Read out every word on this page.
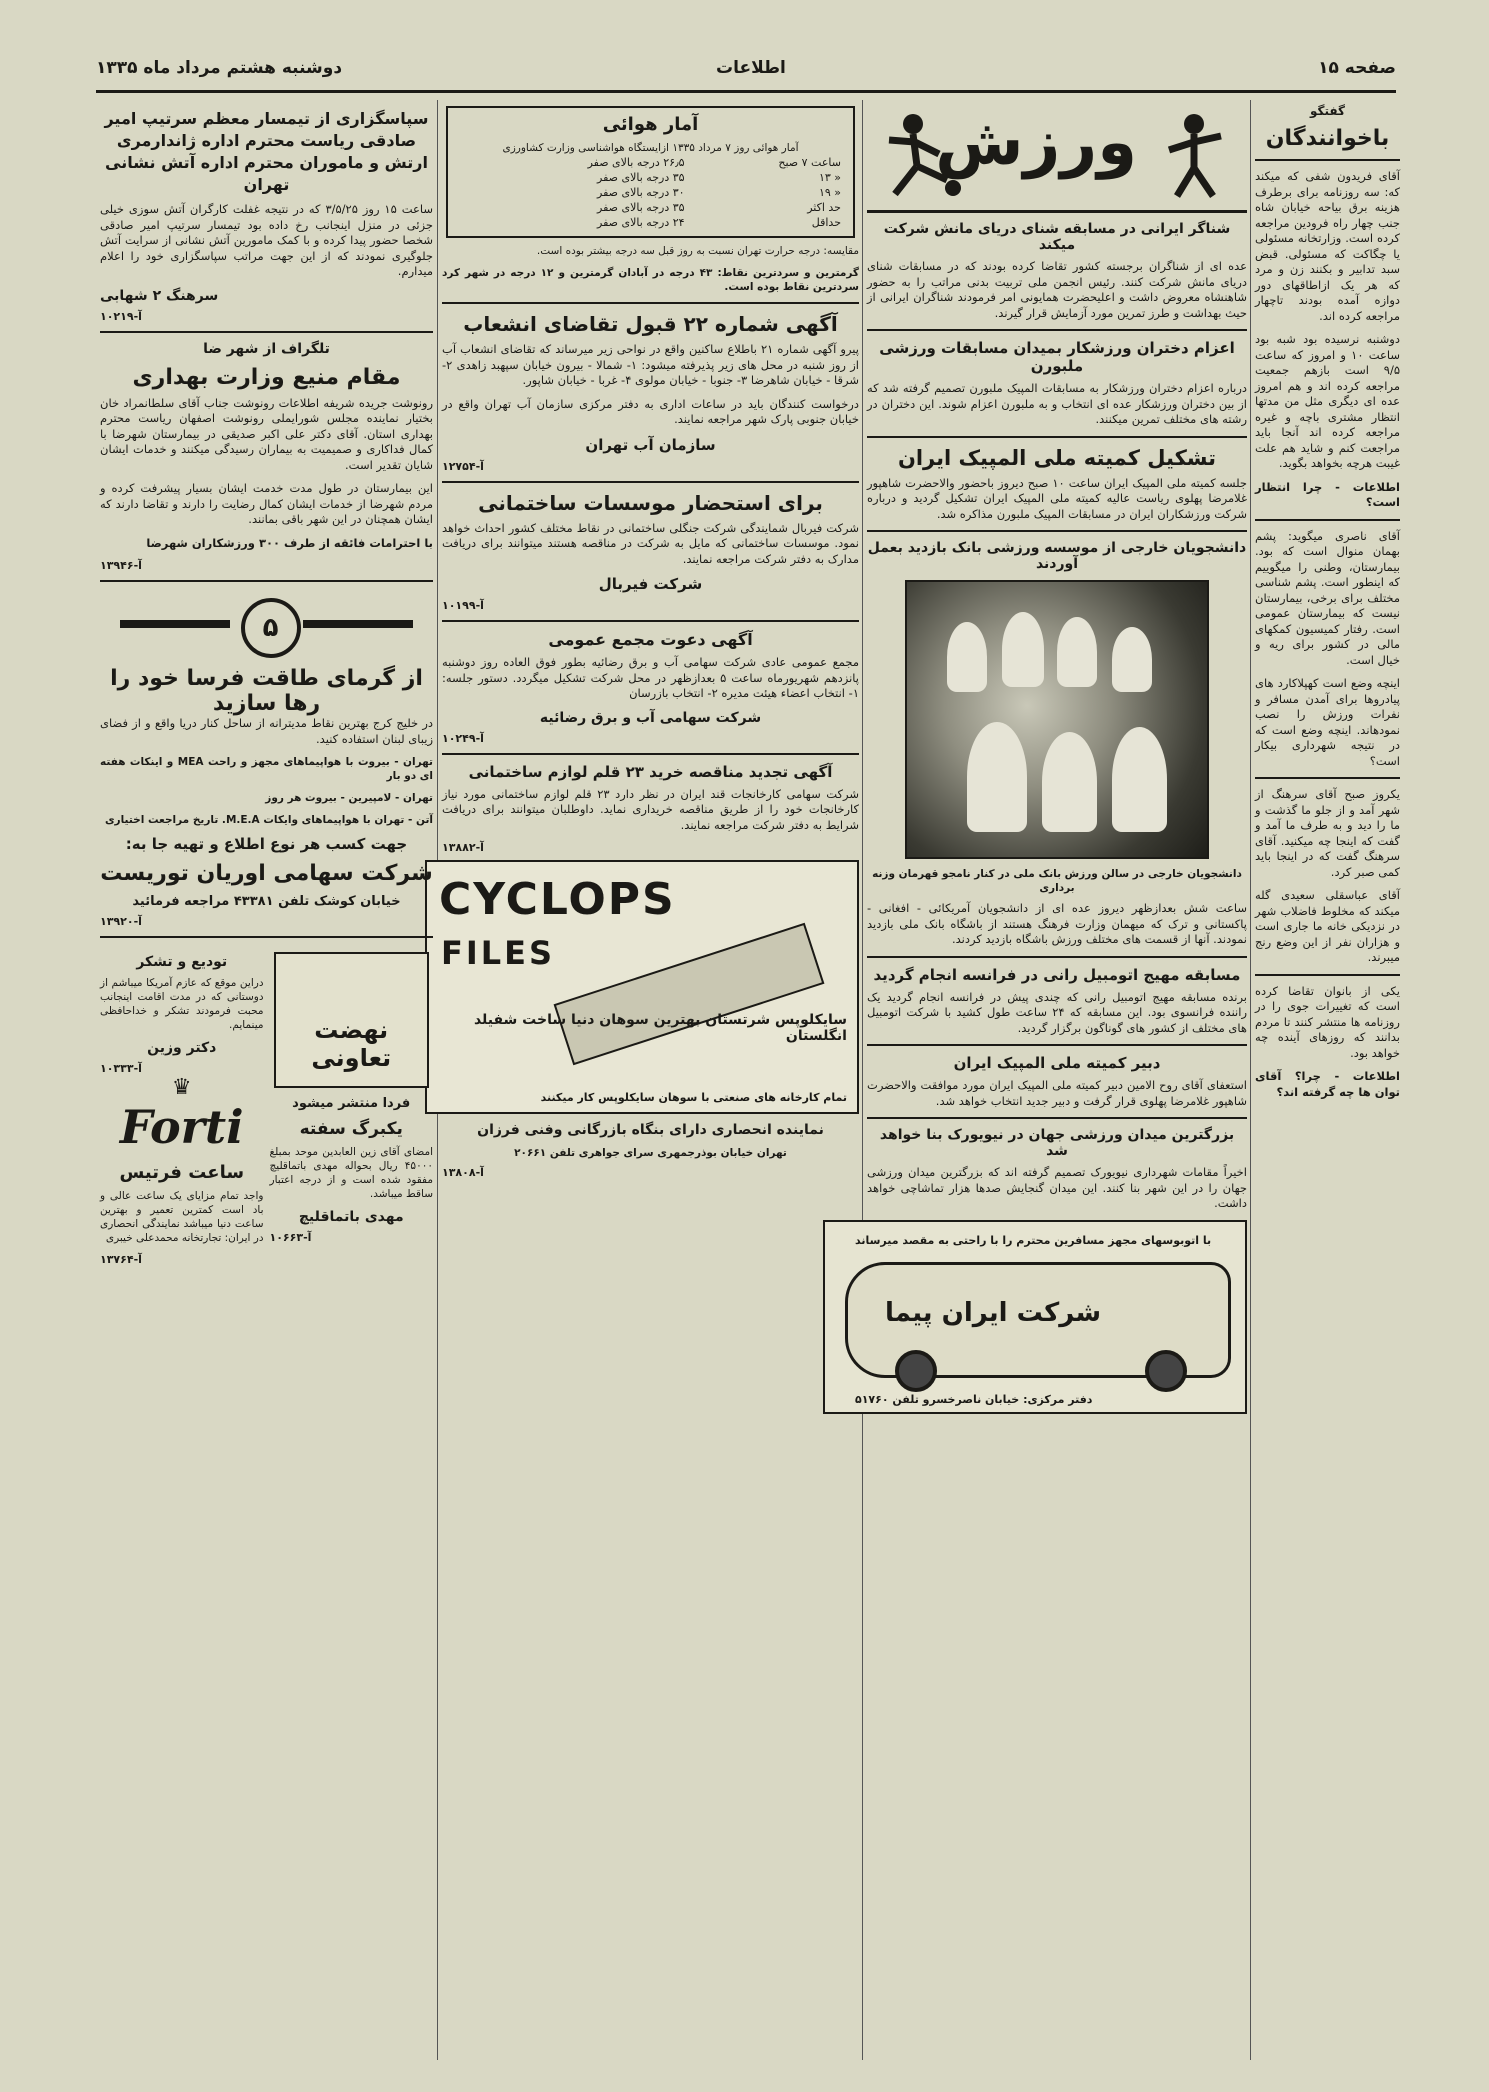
صفحه ۱۵
اطلاعات
دوشنبه هشتم مرداد ماه ۱۳۳۵
گفتگو
باخوانندگان

آقای فریدون شفی که میکند که: سه روزنامه برای برطرف هزینه برق بیاحه خیابان شاه جنب چهار راه فرودین مراجعه کرده است. وزارتخانه مسئولی یا چگاکت که مسئولی. قبض سبد تدابیر و بکنند زن و مرد که هر یک ازاطاقهای دور دوازه آمده بودند تاچهار مراجعه کرده اند.

دوشنبه نرسیده بود شبه بود ساعت ۱۰ و امروز که ساعت ۹/۵ است بازهم جمعیت مراجعه کرده اند و هم امروز عده ای دیگری مثل من مدتها انتظار مشتری باچه و غیره مراجعه کرده اند آنجا باید مراجعت کنم و شاید هم علت غیبت هرچه بخواهد بگوید.

اطلاعات - چرا انتظار است؟

آقای ناصری میگوید: پشم بهمان منوال است که بود. بیمارستان، وطنی را میگوییم که اینطور است. پشم شناسی مختلف برای برخی، بیمارستان نیست که بیمارستان عمومی است. رفتار کمیسیون کمکهای مالی در کشور برای ریه و خیال است.

اینچه وضع است کهپلاکارد های پیادروها برای آمدن مسافر و نفرات ورزش را نصب نمودهاند. اینچه وضع است که در نتیجه شهرداری بیکار است؟

یکروز صبح آقای سرهنگ از شهر آمد و از جلو ما گذشت و ما را دید و به طرف ما آمد و گفت که اینجا چه میکنید. آقای سرهنگ گفت که در اینجا باید کمی صبر کرد.

آقای عباسقلی سعیدی گله میکند که مخلوط فاضلاب شهر در نزدیکی خانه ما جاری است و هزاران نفر از این وضع رنج میبرند.

یکی از بانوان تقاضا کرده است که تغییرات جوی را در روزنامه ها منتشر کنند تا مردم بدانند که روزهای آینده چه خواهد بود.

اطلاعات - چرا؟ آقای توان ها چه گرفته اند؟

ورزش
شناگر ایرانی در مسابقه شنای دریای مانش شرکت میکند

عده ای از شناگران برجسته کشور تقاضا کرده بودند که در مسابقات شنای دریای مانش شرکت کنند. رئیس انجمن ملی تربیت بدنی مراتب را به حضور شاهنشاه معروض داشت و اعلیحضرت همایونی امر فرمودند شناگران ایرانی از حیث بهداشت و طرز تمرین مورد آزمایش قرار گیرند.

اعزام دختران ورزشکار بمیدان مسابقات ورزشی ملبورن

درباره اعزام دختران ورزشکار به مسابقات المپیک ملبورن تصمیم گرفته شد که از بین دختران ورزشکار عده ای انتخاب و به ملبورن اعزام شوند. این دختران در رشته های مختلف تمرین میکنند.

تشکیل کمیته ملی المپیک ایران

جلسه کمیته ملی المپیک ایران ساعت ۱۰ صبح دیروز باحضور والاحضرت شاهپور غلامرضا پهلوی ریاست عالیه کمیته ملی المپیک ایران تشکیل گردید و درباره شرکت ورزشکاران ایران در مسابقات المپیک ملبورن مذاکره شد.

دانشجویان خارجی از موسسه ورزشی بانک بازدید بعمل آوردند
دانشجویان خارجی در سالن ورزش بانک ملی در کنار نامجو قهرمان وزنه برداری

ساعت شش بعدازظهر دیروز عده ای از دانشجویان آمریکائی - افغانی - پاکستانی و ترک که میهمان وزارت فرهنگ هستند از باشگاه بانک ملی بازدید نمودند. آنها از قسمت های مختلف ورزش باشگاه بازدید کردند.

مسابقه مهیج اتومبیل رانی در فرانسه انجام گردید

برنده مسابقه مهیج اتومبیل رانی که چندی پیش در فرانسه انجام گردید یک راننده فرانسوی بود. این مسابقه که ۲۴ ساعت طول کشید با شرکت اتومبیل های مختلف از کشور های گوناگون برگزار گردید.

دبیر کمیته ملی المپیک ایران

استعفای آقای روح الامین دبیر کمیته ملی المپیک ایران مورد موافقت والاحضرت شاهپور غلامرضا پهلوی قرار گرفت و دبیر جدید انتخاب خواهد شد.

بزرگترین میدان ورزشی جهان در نیویورک بنا خواهد شد

اخیراً مقامات شهرداری نیویورک تصمیم گرفته اند که بزرگترین میدان ورزشی جهان را در این شهر بنا کنند. این میدان گنجایش صدها هزار تماشاچی خواهد داشت.

با اتوبوسهای مجهز مسافرین محترم را با راحتی به مقصد میرساند
شرکت ایران پیما
دفتر مرکزی: خیابان ناصرخسرو تلفن ۵۱۷۶۰
آمار هوائی
آمار هوائی روز ۷ مرداد ۱۳۳۵ ازایستگاه هواشناسی وزارت کشاورزی
ساعت ۷ صبح	۲۶٫۵ درجه بالای صفر
« ۱۳	۳۵ درجه بالای صفر
« ۱۹	۳۰ درجه بالای صفر
حد اکثر	۳۵ درجه بالای صفر
حداقل	۲۴ درجه بالای صفر

مقایسه: درجه حرارت تهران نسبت به روز قبل سه درجه بیشتر بوده است.

گرمترین و سردترین نقاط: ۴۳ درجه در آبادان گرمترین و ۱۲ درجه در شهر کرد سردترین نقاط بوده است.

آگهی شماره ۲۲ قبول تقاضای انشعاب

پیرو آگهی شماره ۲۱ باطلاع ساکنین واقع در نواحی زیر میرساند که تقاضای انشعاب آب از روز شنبه در محل های زیر پذیرفته میشود: ۱- شمالا - بیرون خیابان سپهبد زاهدی ۲- شرقا - خیابان شاهرضا ۳- جنوبا - خیابان مولوی ۴- غربا - خیابان شاپور.

درخواست کنندگان باید در ساعات اداری به دفتر مرکزی سازمان آب تهران واقع در خیابان جنوبی پارک شهر مراجعه نمایند.

سازمان آب تهران
آ-۱۲۷۵۴
برای استحضار موسسات ساختمانی

شرکت فیربال شمایندگی شرکت جنگلی ساختمانی در نقاط مختلف کشور احداث خواهد نمود. موسسات ساختمانی که مایل به شرکت در مناقصه هستند میتوانند برای دریافت مدارک به دفتر شرکت مراجعه نمایند.

شرکت فیربال
آ-۱۰۱۹۹
آگهی دعوت مجمع عمومی

مجمع عمومی عادی شرکت سهامی آب و برق رضائیه بطور فوق العاده روز دوشنبه پانزدهم شهریورماه ساعت ۵ بعدازظهر در محل شرکت تشکیل میگردد. دستور جلسه: ۱- انتخاب اعضاء هیئت مدیره ۲- انتخاب بازرسان

شرکت سهامی آب و برق رضائیه
آ-۱۰۲۴۹
آگهی تجدید مناقصه خرید ۲۳ قلم لوازم ساختمانی

شرکت سهامی کارخانجات قند ایران در نظر دارد ۲۳ قلم لوازم ساختمانی مورد نیاز کارخانجات خود را از طریق مناقصه خریداری نماید. داوطلبان میتوانند برای دریافت شرایط به دفتر شرکت مراجعه نمایند.

آ-۱۳۸۸۲
CYCLOPS
FILES
سایکلوپس شرتستان بهترین سوهان دنیا ساخت شفیلد انگلستان
تمام کارخانه های صنعتی با سوهان سایکلوپس کار میکنند
نماینده انحصاری دارای بنگاه بازرگانی وفنی فرزان
تهران خیابان بوذرجمهری سرای جواهری تلفن ۲۰۶۶۱
آ-۱۳۸۰۸
سپاسگزاری از تیمسار معظم سرتیپ امیر صادقی ریاست محترم اداره ژاندارمری ارتش و ماموران محترم اداره آتش نشانی تهران

ساعت ۱۵ روز ۳/۵/۲۵ که در نتیجه غفلت کارگران آتش سوزی خیلی جزئی در منزل اینجانب رخ داده بود تیمسار سرتیپ امیر صادقی شخصا حضور پیدا کرده و با کمک مامورین آتش نشانی از سرایت آتش جلوگیری نمودند که از این جهت مراتب سپاسگزاری خود را اعلام میدارم.

سرهنگ ۲ شهابی
آ-۱۰۲۱۹
تلگراف از شهر ضا
مقام منیع وزارت بهداری

رونوشت جریده شریفه اطلاعات رونوشت جناب آقای سلطانمراد خان بختیار نماینده مجلس شورایملی رونوشت اصفهان ریاست محترم بهداری استان. آقای دکتر علی اکبر صدیقی در بیمارستان شهرضا با کمال فداکاری و صمیمیت به بیماران رسیدگی میکنند و خدمات ایشان شایان تقدیر است.

این بیمارستان در طول مدت خدمت ایشان بسیار پیشرفت کرده و مردم شهرضا از خدمات ایشان کمال رضایت را دارند و تقاضا دارند که ایشان همچنان در این شهر باقی بمانند.

با احترامات فائقه از طرف ۳۰۰ ورزشکاران شهرضا

آ-۱۳۹۴۶
۵
از گرمای طاقت فرسا خود را رها سازید

در خلیج کرج بهترین نقاط مدیترانه از ساحل کنار دریا واقع و از فضای زیبای لبنان استفاده کنید.

تهران - بیروت با هواپیماهای مجهز و راحت MEA و اینکات هفته ای دو بار

تهران - لامپیرین - بیروت هر روز

آتن - تهران با هواپیماهای وایکات M.E.A. تاریخ مراجعت اختیاری

جهت کسب هر نوع اطلاع و تهیه جا به:
شرکت سهامی اوریان توریست
خیابان کوشک تلفن ۴۳۳۸۱ مراجعه فرمائید
آ-۱۳۹۲۰
نهضت تعاونی
فردا منتشر میشود
یکبرگ سفته

امضای آقای زین العابدین موحد بمبلغ ۴۵۰۰۰ ریال بحواله مهدی باتماقلیچ مفقود شده است و از درجه اعتبار ساقط میباشد.

مهدی باتماقلیچ
آ-۱۰۶۶۳
تودیع و تشکر

دراین موقع که عازم آمریکا میباشم از دوستانی که در مدت اقامت اینجانب محبت فرمودند تشکر و خداحافظی مینمایم.

دکتر وزین
آ-۱۰۳۳۳
♛
Forti
ساعت فرتیس

واجد تمام مزایای یک ساعت عالی و باد است کمترین تعمیر و بهترین ساعت دنیا میباشد نمایندگی انحصاری در ایران: تجارتخانه محمدعلی خیبری

آ-۱۳۷۶۴
